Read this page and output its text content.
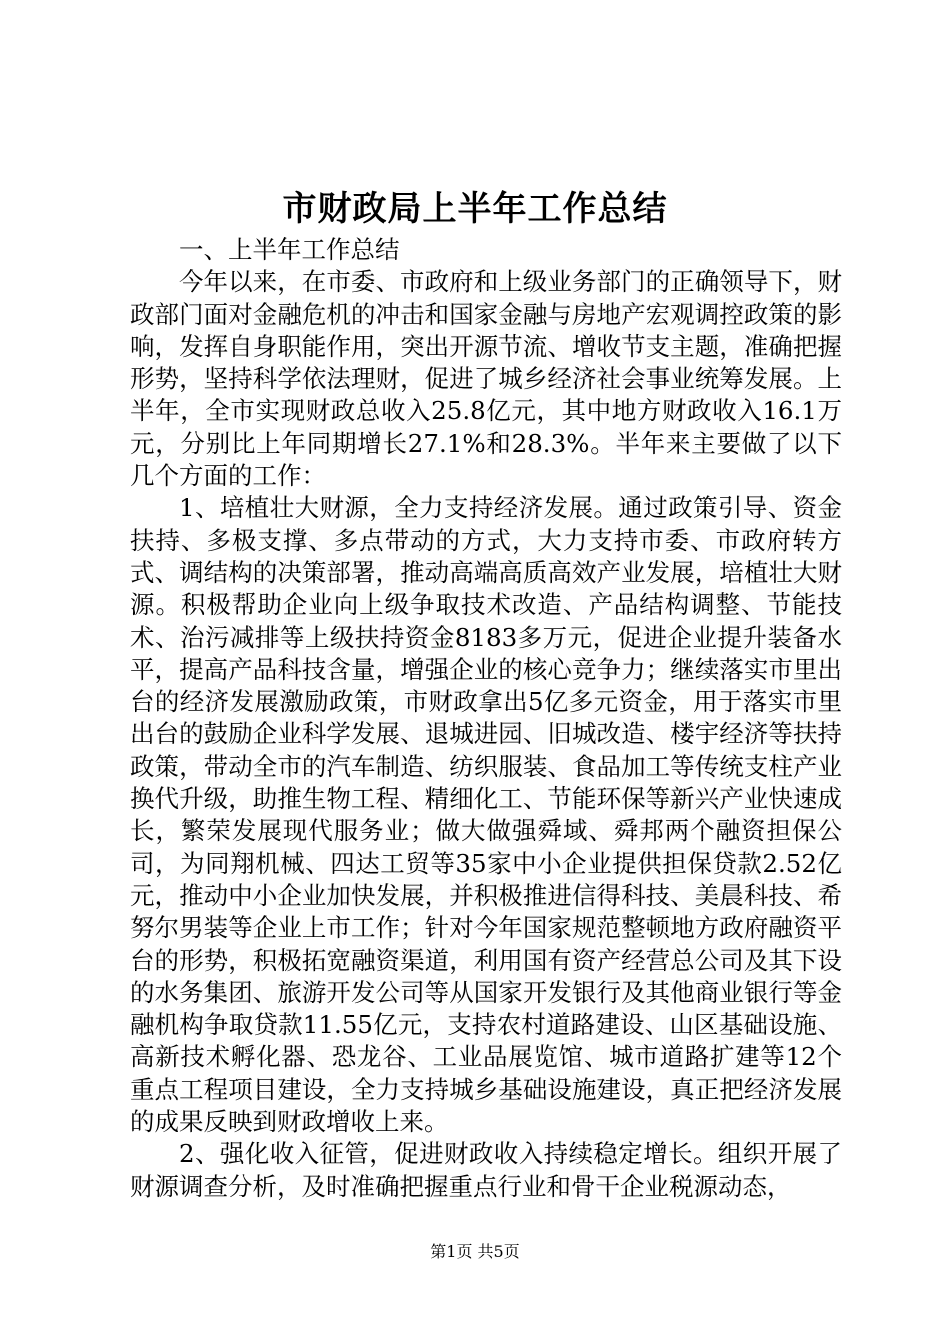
市财政局上半年工作总结

一、上半年工作总结

今年以来，在市委、市政府和上级业务部门的正确领导下，财政部门面对金融危机的冲击和国家金融与房地产宏观调控政策的影响，发挥自身职能作用，突出开源节流、增收节支主题，准确把握形势，坚持科学依法理财，促进了城乡经济社会事业统筹发展。上半年，全市实现财政总收入25.8亿元，其中地方财政收入16.1万元，分别比上年同期增长27.1%和28.3%。半年来主要做了以下几个方面的工作：

1、培植壮大财源，全力支持经济发展。通过政策引导、资金扶持、多极支撑、多点带动的方式，大力支持市委、市政府转方式、调结构的决策部署，推动高端高质高效产业发展，培植壮大财源。积极帮助企业向上级争取技术改造、产品结构调整、节能技术、治污减排等上级扶持资金8183多万元，促进企业提升装备水平，提高产品科技含量，增强企业的核心竞争力；继续落实市里出台的经济发展激励政策，市财政拿出5亿多元资金，用于落实市里出台的鼓励企业科学发展、退城进园、旧城改造、楼宇经济等扶持政策，带动全市的汽车制造、纺织服装、食品加工等传统支柱产业换代升级，助推生物工程、精细化工、节能环保等新兴产业快速成长，繁荣发展现代服务业；做大做强舜域、舜邦两个融资担保公司，为同翔机械、四达工贸等35家中小企业提供担保贷款2.52亿元，推动中小企业加快发展，并积极推进信得科技、美晨科技、希努尔男装等企业上市工作；针对今年国家规范整顿地方政府融资平台的形势，积极拓宽融资渠道，利用国有资产经营总公司及其下设的水务集团、旅游开发公司等从国家开发银行及其他商业银行等金融机构争取贷款11.55亿元，支持农村道路建设、山区基础设施、高新技术孵化器、恐龙谷、工业品展览馆、城市道路扩建等12个重点工程项目建设，全力支持城乡基础设施建设，真正把经济发展的成果反映到财政增收上来。

2、强化收入征管，促进财政收入持续稳定增长。组织开展了财源调查分析，及时准确把握重点行业和骨干企业税源动态，

第1页 共5页
